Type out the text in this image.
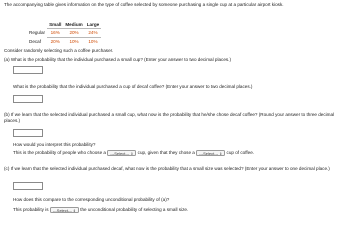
The accompanying table gives information on the type of coffee selected by someone purchasing a single cup at a particular airport kiosk.
	Small	Medium	Large
Regular	16%	20%	24%
Decaf	20%	10%	10%
Consider randomly selecting such a coffee purchaser.
(a) What is the probability that the individual purchased a small cup? (Enter your answer to two decimal places.)
What is the probability that the individual purchased a cup of decaf coffee? (Enter your answer to two decimal places.)
(b) If we learn that the selected individual purchased a small cup, what now is the probability that he/she chose decaf coffee? (Round your answer to three decimal places.)
How would you interpret this probability?
This is the probability of people who choose a ---Select---⇕ cup, given that they chose a ---Select---⇕ cup of coffee.
(c) If we learn that the selected individual purchased decaf, what now is the probability that a small size was selected? (Enter your answer to one decimal place.)
How does this compare to the corresponding unconditional probability of (a)?
This probability is ---Select---⇕ the unconditional probability of selecting a small size.
